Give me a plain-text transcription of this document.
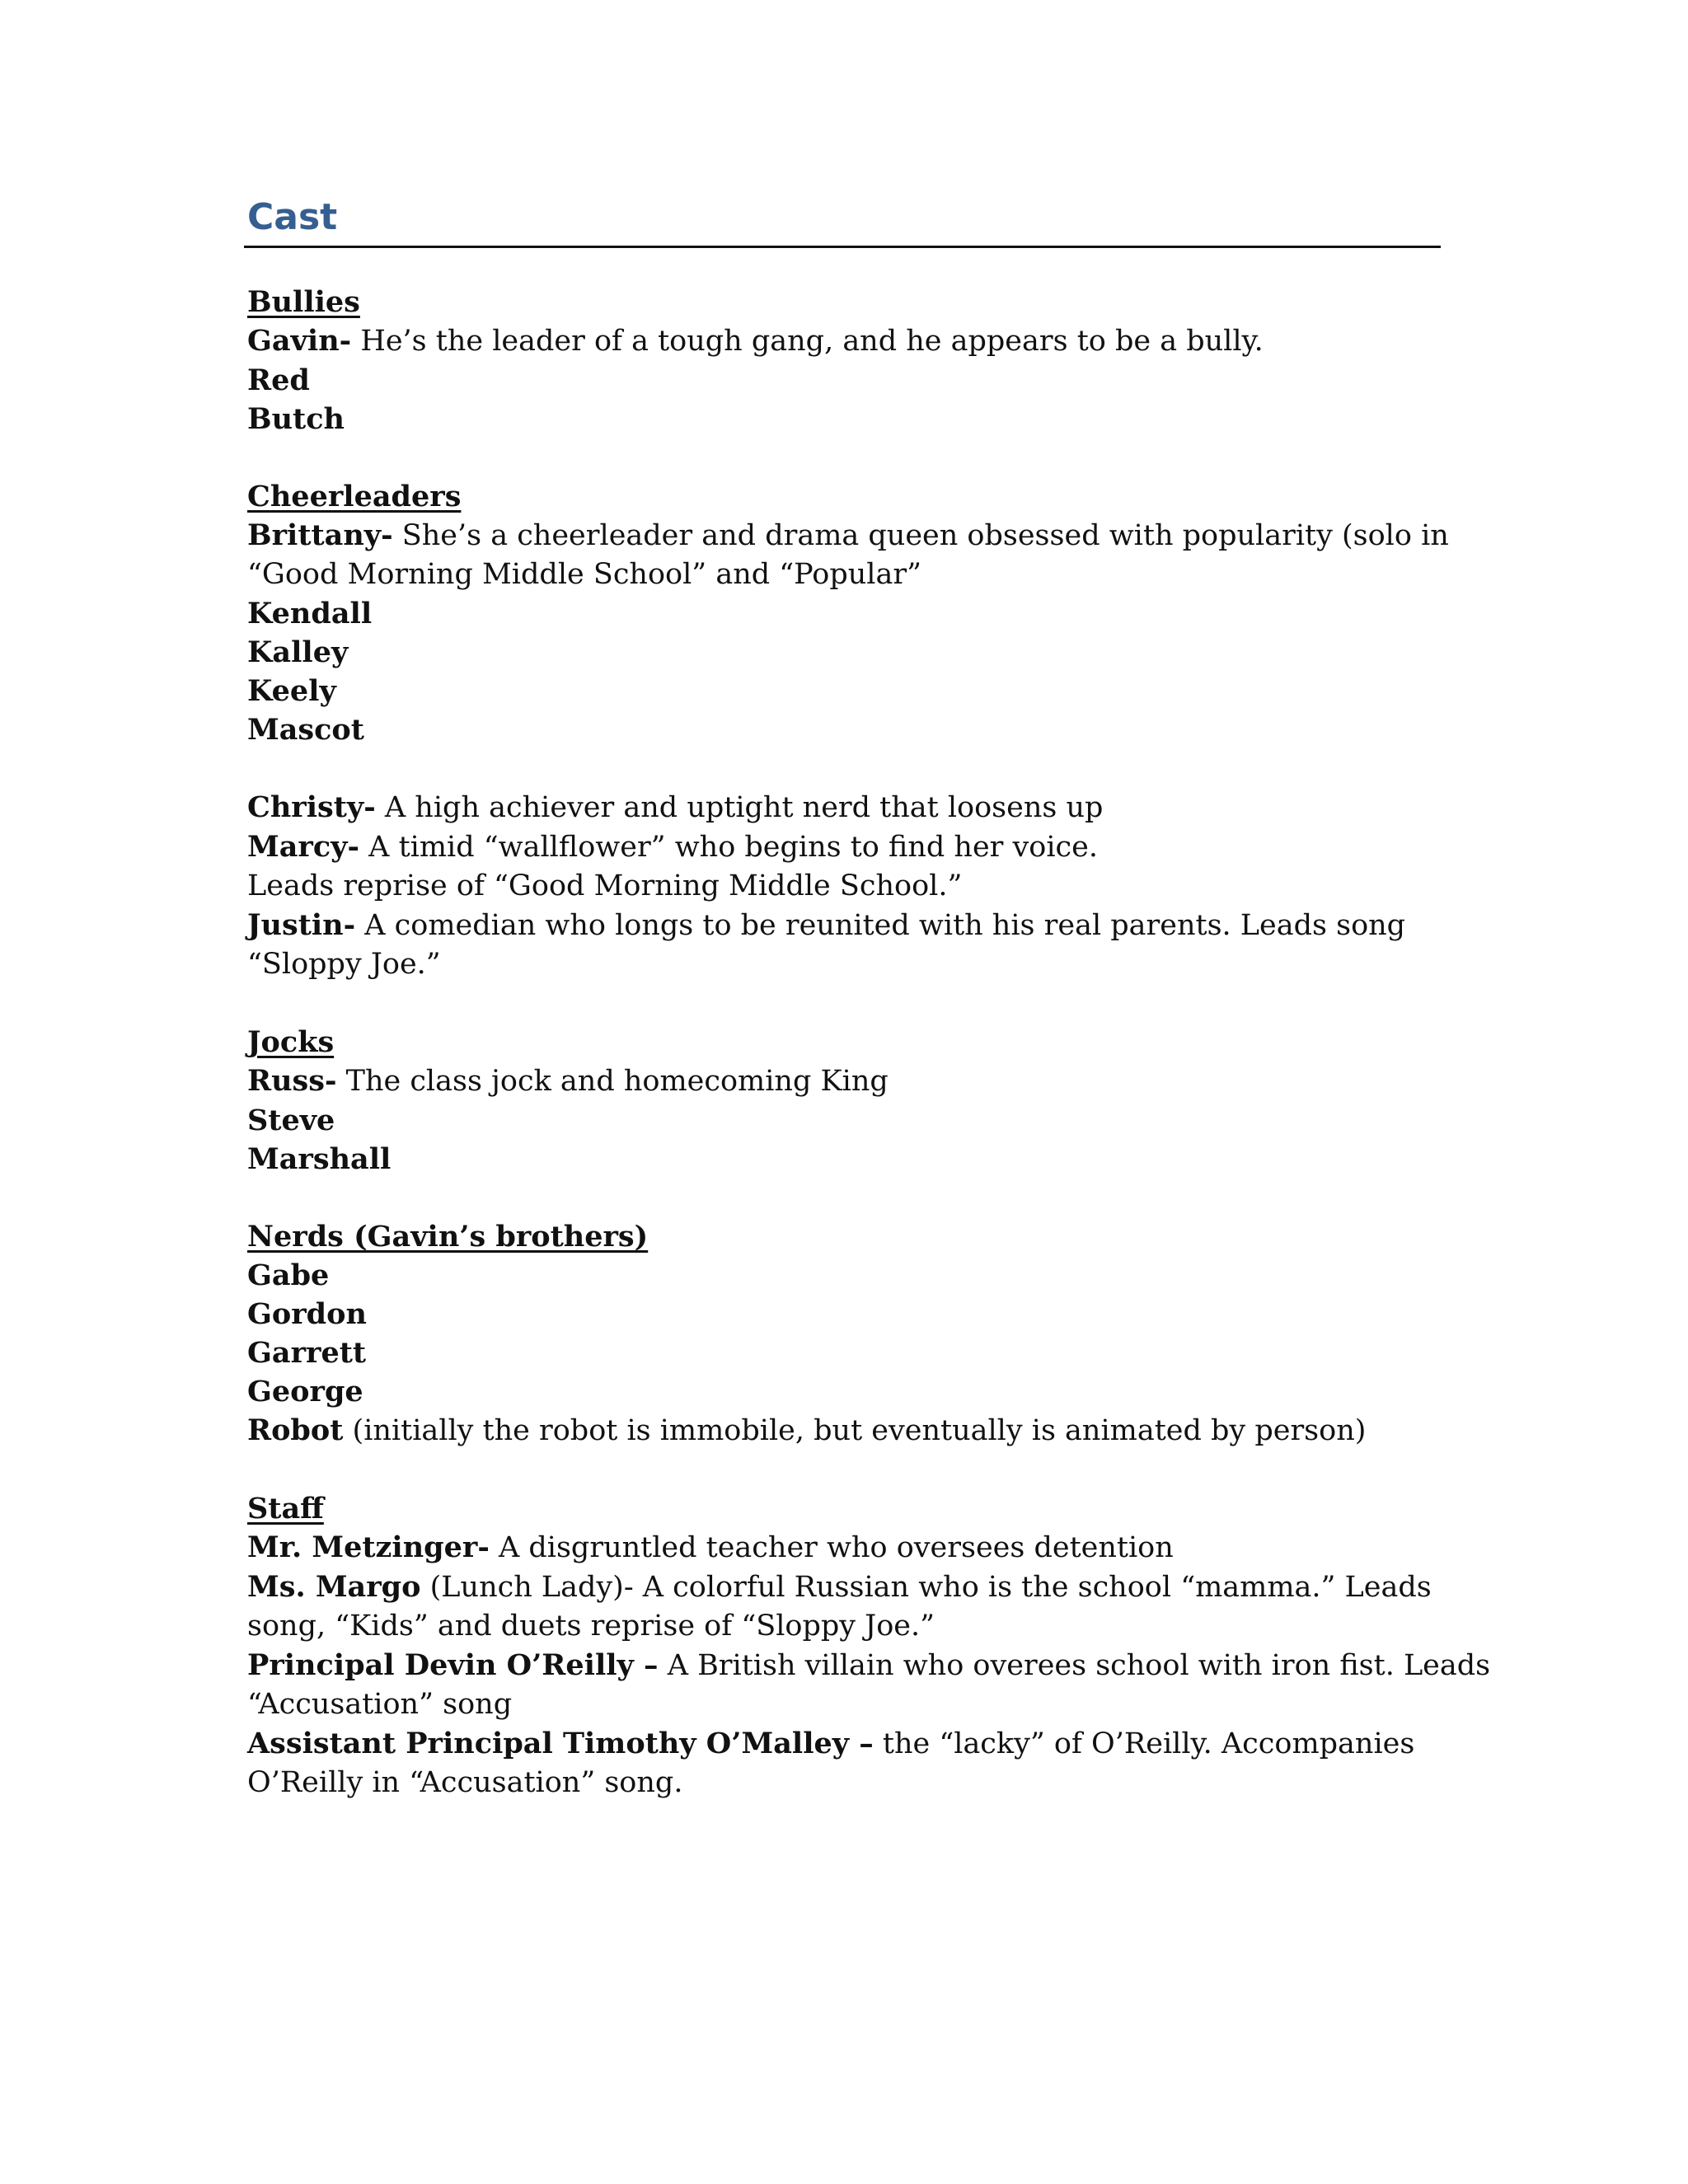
Cast

Bullies

Gavin- He’s the leader of a tough gang, and he appears to be a bully.

Red

Butch

Cheerleaders

Brittany- She’s a cheerleader and drama queen obsessed with popularity (solo in

“Good Morning Middle School” and “Popular”

Kendall

Kalley

Keely

Mascot

Christy- A high achiever and uptight nerd that loosens up

Marcy- A timid “wallflower” who begins to find her voice.

Leads reprise of “Good Morning Middle School.”

Justin- A comedian who longs to be reunited with his real parents. Leads song

“Sloppy Joe.”

Jocks

Russ- The class jock and homecoming King

Steve

Marshall

Nerds (Gavin’s brothers)

Gabe

Gordon

Garrett

George

Robot (initially the robot is immobile, but eventually is animated by person)

Staff

Mr. Metzinger- A disgruntled teacher who oversees detention

Ms. Margo (Lunch Lady)- A colorful Russian who is the school “mamma.” Leads

song, “Kids” and duets reprise of “Sloppy Joe.”

Principal Devin O’Reilly – A British villain who overees school with iron fist. Leads

“Accusation” song

Assistant Principal Timothy O’Malley – the “lacky” of O’Reilly. Accompanies

O’Reilly in “Accusation” song.
